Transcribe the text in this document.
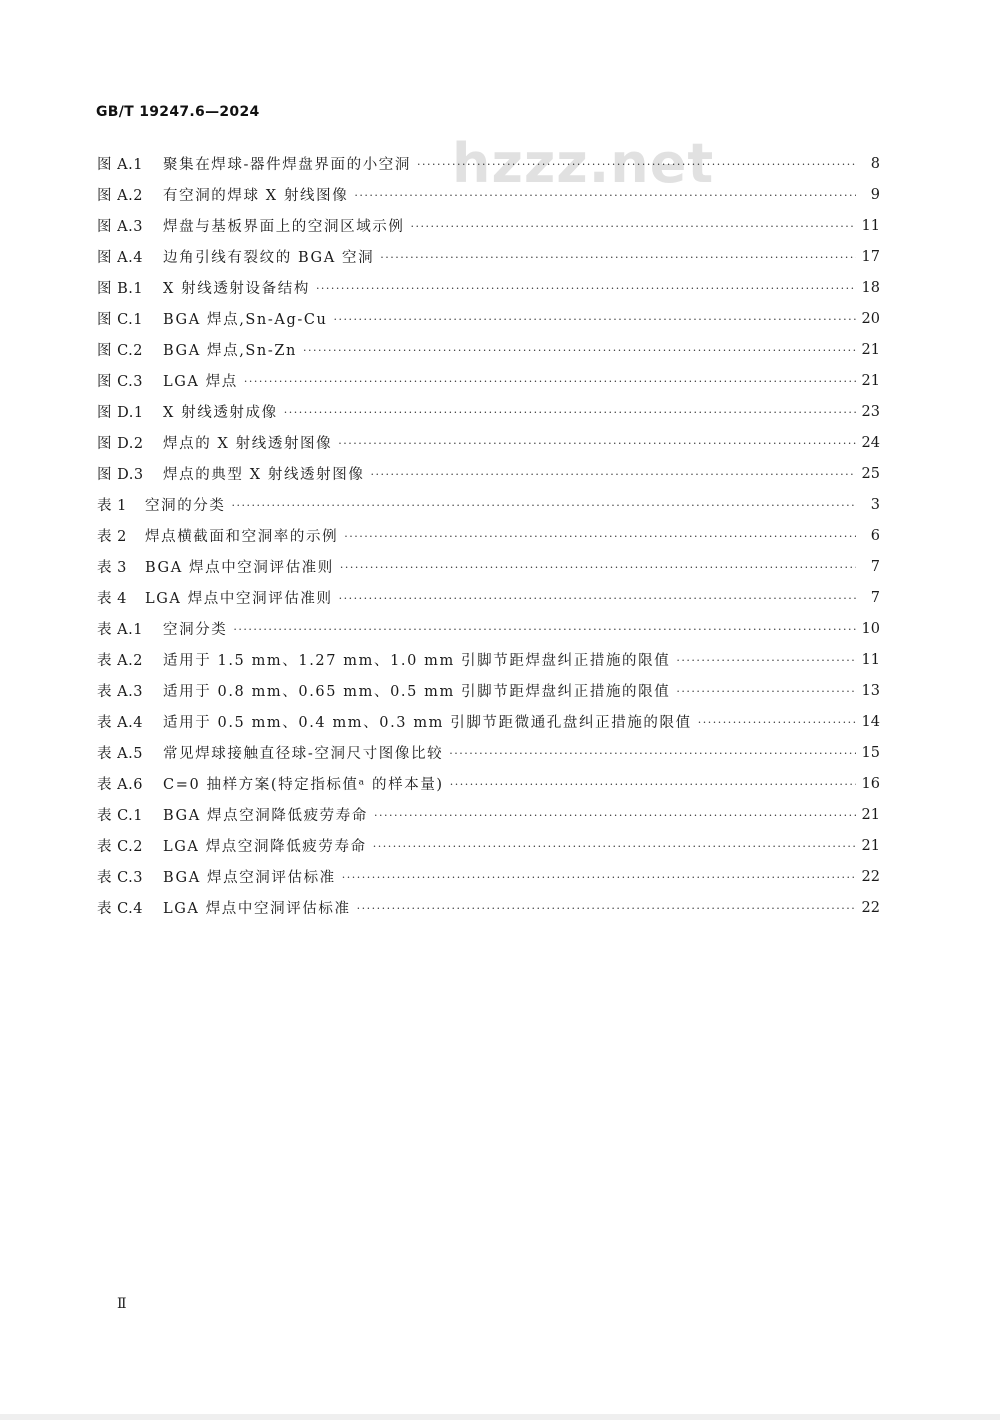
GB/T 19247.6—2024
hzzz.net
图 A.1	聚集在焊球-器件焊盘界面的小空洞 ·····	8
图 A.2	有空洞的焊球 X 射线图像 ·····	9
图 A.3	焊盘与基板界面上的空洞区域示例 ·····	11
图 A.4	边角引线有裂纹的 BGA 空洞 ·····	17
图 B.1	X 射线透射设备结构 ·····	18
图 C.1	BGA 焊点,Sn-Ag-Cu ·····	20
图 C.2	BGA 焊点,Sn-Zn ·····	21
图 C.3	LGA 焊点 ·····	21
图 D.1	X 射线透射成像 ·····	23
图 D.2	焊点的 X 射线透射图像 ·····	24
图 D.3	焊点的典型 X 射线透射图像 ·····	25
表 1	空洞的分类 ·····	3
表 2	焊点横截面和空洞率的示例 ·····	6
表 3	BGA 焊点中空洞评估准则 ·····	7
表 4	LGA 焊点中空洞评估准则 ·····	7
表 A.1	空洞分类 ·····	10
表 A.2	适用于 1.5 mm、1.27 mm、1.0 mm 引脚节距焊盘纠正措施的限值 ·····	11
表 A.3	适用于 0.8 mm、0.65 mm、0.5 mm 引脚节距焊盘纠正措施的限值 ·····	13
表 A.4	适用于 0.5 mm、0.4 mm、0.3 mm 引脚节距微通孔盘纠正措施的限值 ·····	14
表 A.5	常见焊球接触直径球-空洞尺寸图像比较 ·····	15
表 A.6	C=0 抽样方案(特定指标值ᵃ 的样本量) ·····	16
表 C.1	BGA 焊点空洞降低疲劳寿命 ·····	21
表 C.2	LGA 焊点空洞降低疲劳寿命 ·····	21
表 C.3	BGA 焊点空洞评估标准 ·····	22
表 C.4	LGA 焊点中空洞评估标准 ·····	22
Ⅱ
